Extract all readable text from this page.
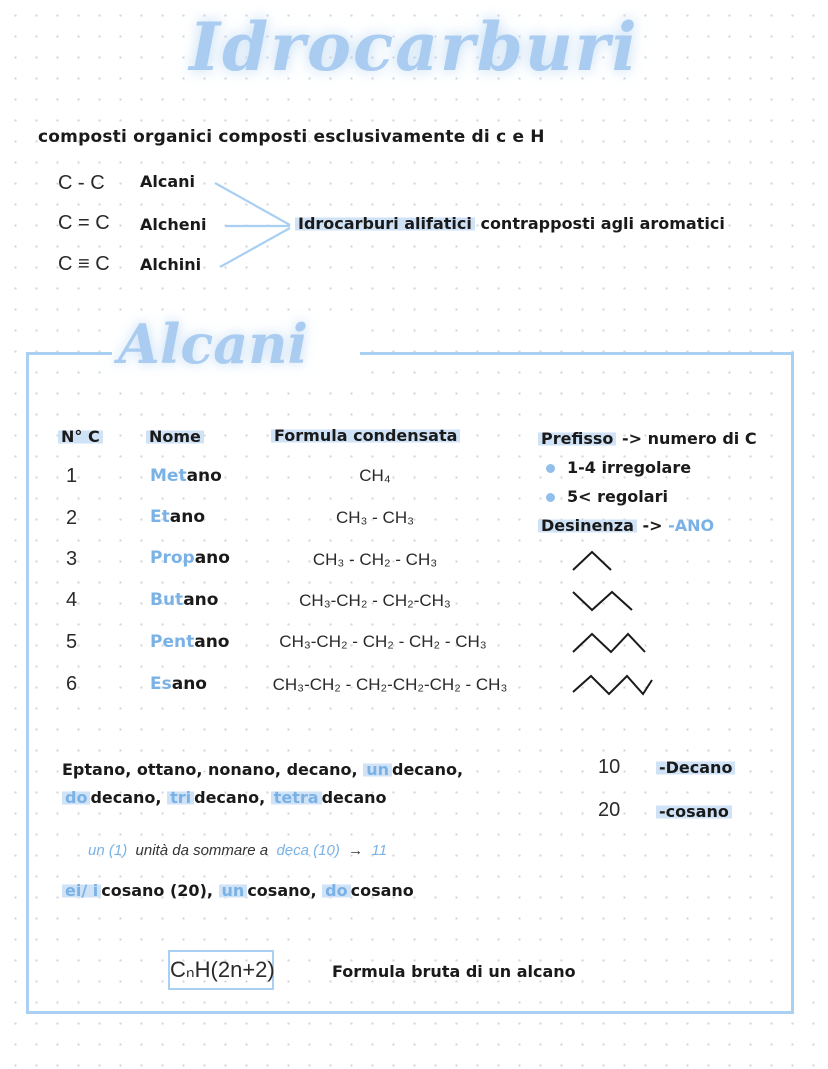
Idrocarburi
composti organici composti esclusivamente di c e H
C - C Alcani
C = C Alcheni
C ≡ C Alchini
Idrocarburi alifatici contrapposti agli aromatici
Alcani
N° C	Nome	Formula condensata
1	Metano	CH₄
2	Etano	CH₃ - CH₃
3	Propano	CH₃ - CH₂ - CH₃
4	Butano	CH₃-CH₂ - CH₂-CH₃
5	Pentano	CH₃-CH₂ - CH₂ - CH₂ - CH₃
6	Esano	CH₃-CH₂ - CH₂-CH₂-CH₂ - CH₃
Prefisso -> numero di C
1-4 irregolare
5< regolari
Desinenza -> -ANO
Eptano, ottano, nonano, decano, un decano,
do decano, tri decano, tetra decano
10 -Decano
20 -cosano
un (1) unità da sommare a deca (10) → 11
ei/ i cosano (20), un cosano, do cosano
CₙH(2n+2)	Formula bruta di un alcano
